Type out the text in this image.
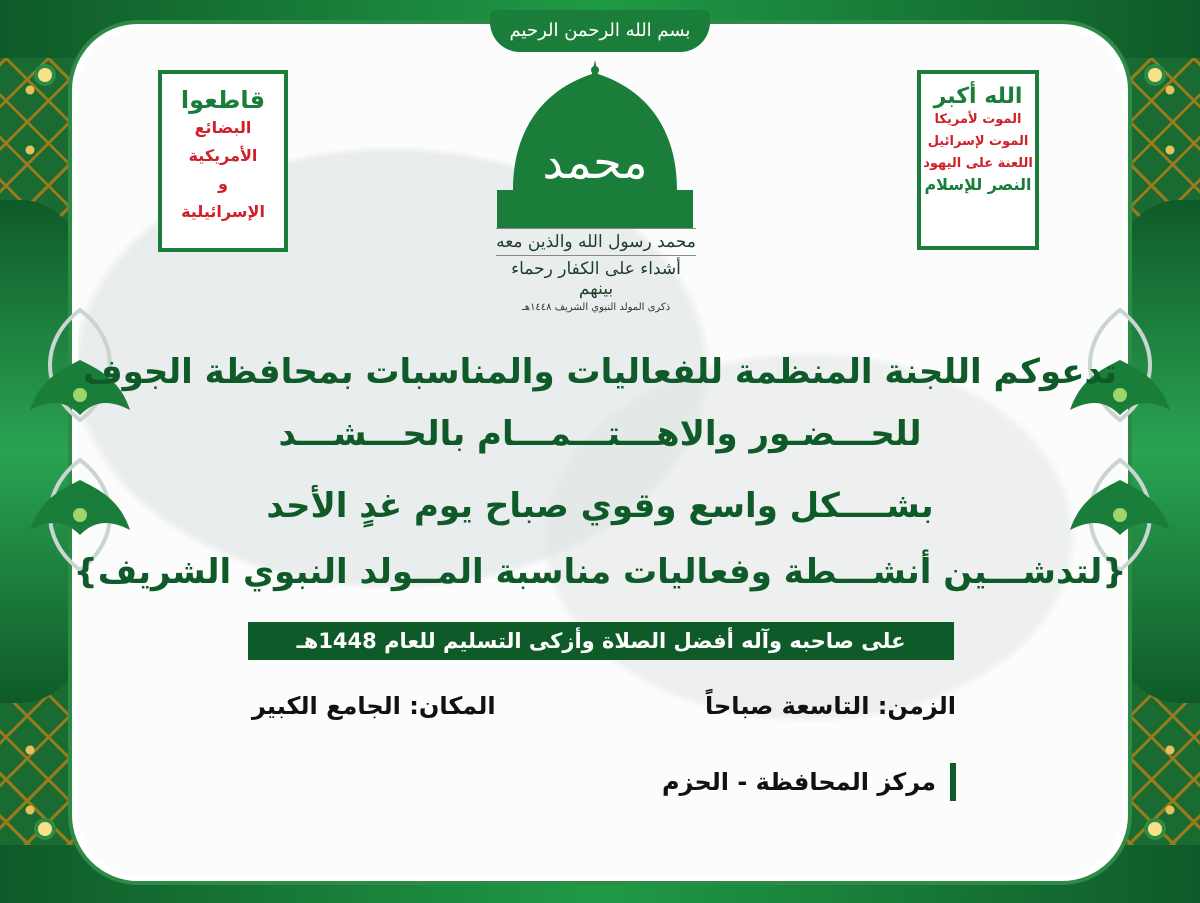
بسم الله الرحمن الرحيم
قاطعوا
البضائع الأمريكية
و
الإسرائيلية
الله أكبر
الموت لأمريكا
الموت لإسرائيل
اللعنة على اليهود
النصر للإسلام
محمد
محمد رسول الله والذين معه
أشداء على الكفار رحماء بينهم
ذكرى المولد النبوي الشريف ١٤٤٨هـ
تدعوكم اللجنة المنظمة للفعاليات والمناسبات بمحافظة الجوف
للحـــضـور والاهـــتـــمـــام بالحـــشـــد
بشــــكل واسع وقوي صباح يوم غدٍ الأحد
{لتدشـــين أنشـــطة وفعاليات مناسبة المــولد النبوي الشريف}
على صاحبه وآله أفضل الصلاة وأزكى التسليم للعام 1448هـ
الزمن: التاسعة صباحاً
المكان: الجامع الكبير
مركز المحافظة - الحزم
